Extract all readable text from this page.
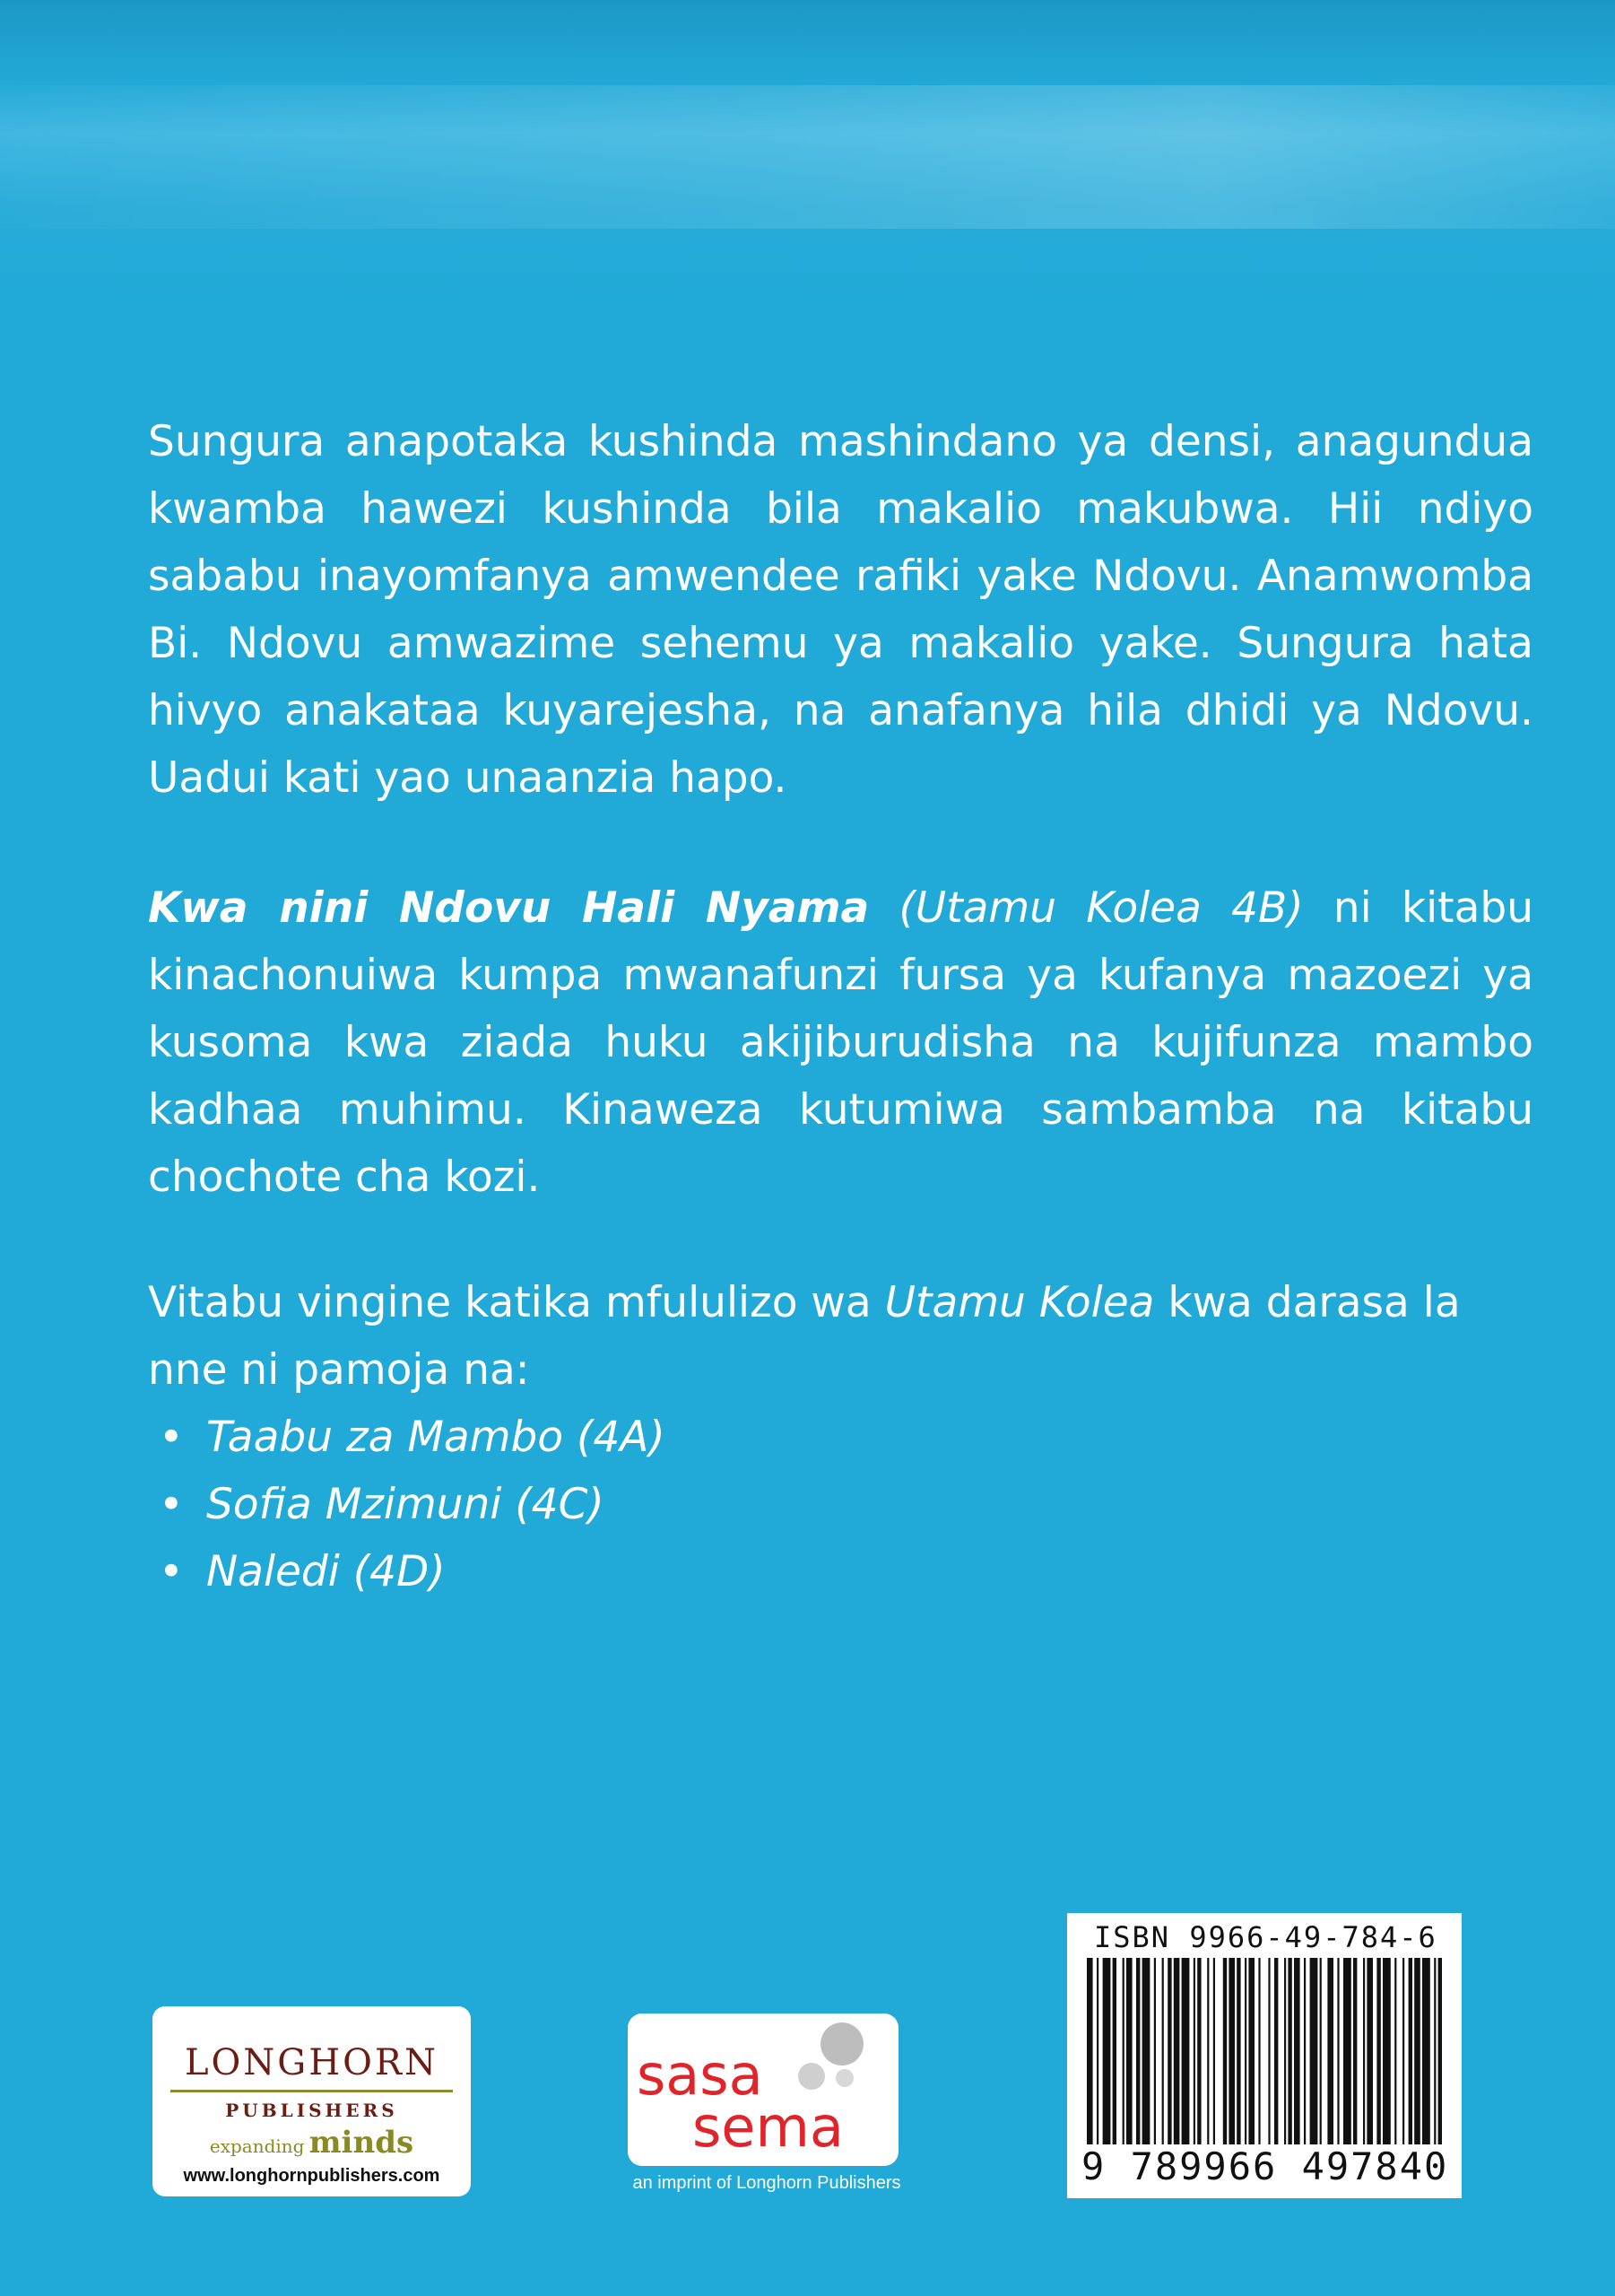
Sungura anapotaka kushinda mashindano ya densi, anagundua kwamba hawezi kushinda bila makalio makubwa. Hii ndiyo sababu inayomfanya amwendee rafiki yake Ndovu. Anamwomba Bi. Ndovu amwazime sehemu ya makalio yake. Sungura hata hivyo anakataa kuyarejesha, na anafanya hila dhidi ya Ndovu. Uadui kati yao unaanzia hapo.

Kwa nini Ndovu Hali Nyama (Utamu Kolea 4B) ni kitabu kinachonuiwa kumpa mwanafunzi fursa ya kufanya mazoezi ya kusoma kwa ziada huku akijiburudisha na kujifunza mambo kadhaa muhimu. Kinaweza kutumiwa sambamba na kitabu chochote cha kozi.

Vitabu vingine katika mfululizo wa Utamu Kolea kwa darasa la nne ni pamoja na:
• Taabu za Mambo (4A)
• Sofia Mzimuni (4C)
• Naledi (4D)
LONGHORN
PUBLISHERS
expanding minds
www.longhornpublishers.com
sasa
sema
an imprint of Longhorn Publishers
ISBN 9966-49-784-6
9 789966 497840
